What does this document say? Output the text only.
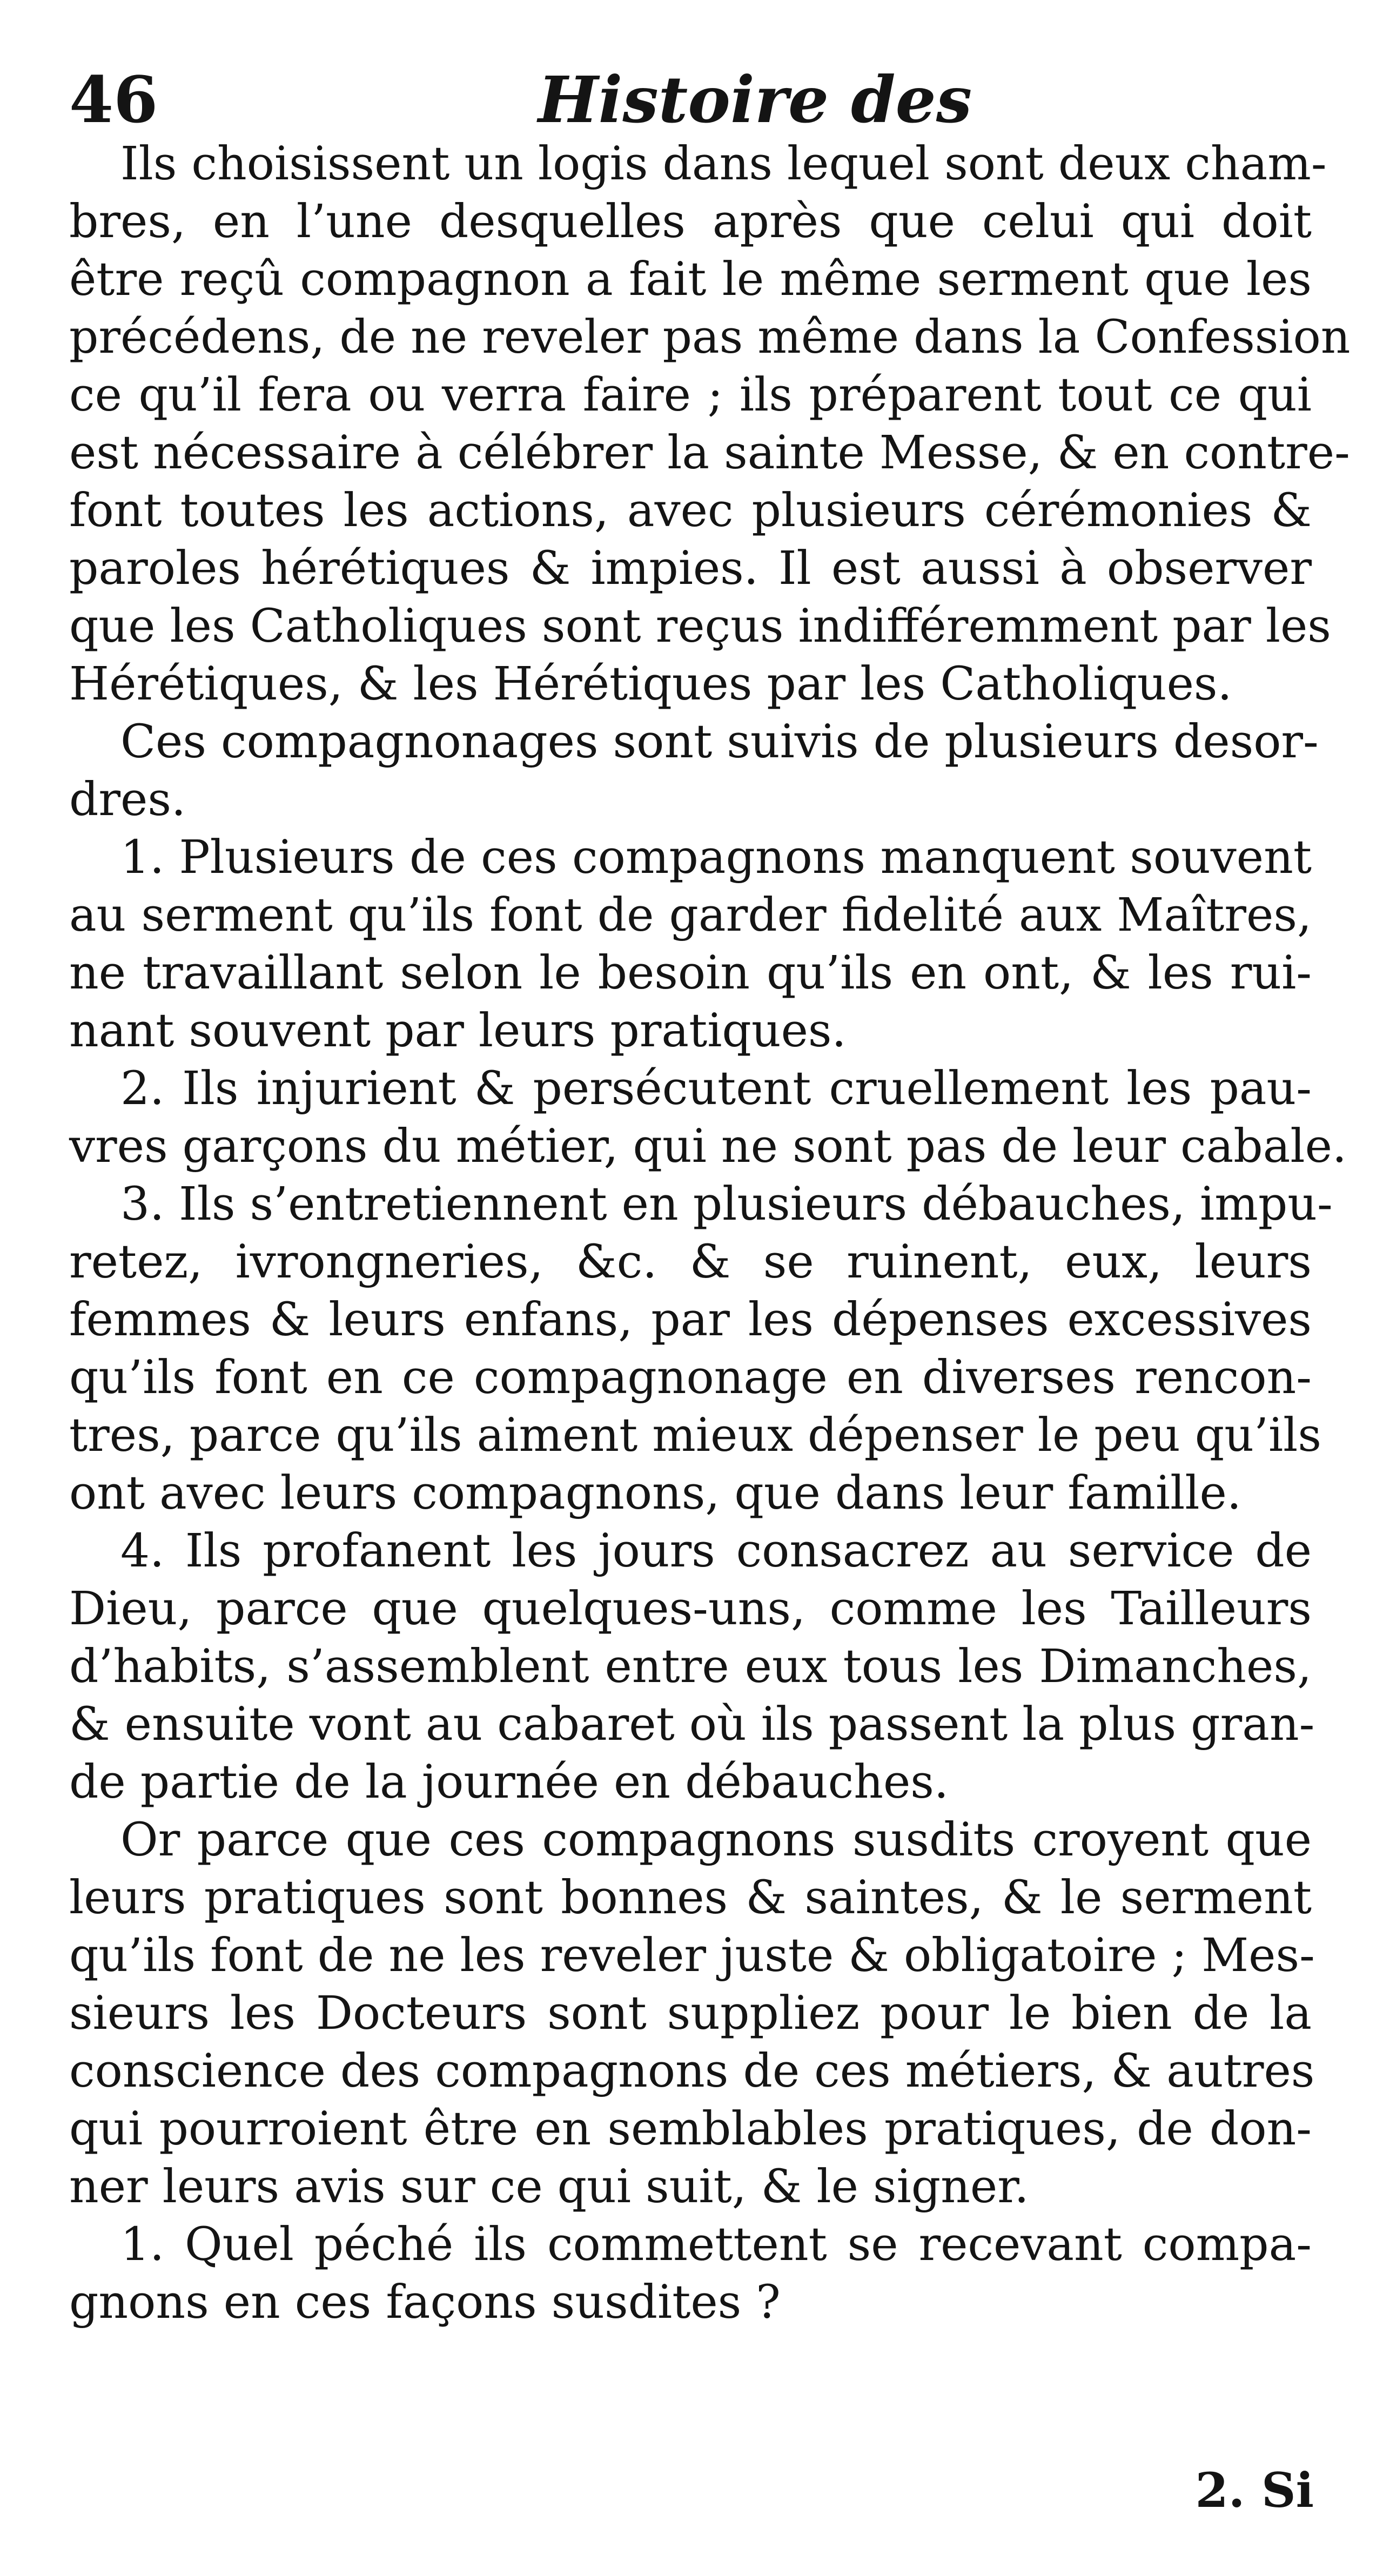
46	Histoire des
Ils choisissent un logis dans lequel sont deux cham-
bres, en l’une desquelles après que celui qui doit
être reçû compagnon a fait le même serment que les
précédens, de ne reveler pas même dans la Confession
ce qu’il fera ou verra faire ; ils préparent tout ce qui
est nécessaire à célébrer la sainte Messe, & en contre-
font toutes les actions, avec plusieurs cérémonies &
paroles hérétiques & impies. Il est aussi à observer
que les Catholiques sont reçus indifféremment par les
Hérétiques, & les Hérétiques par les Catholiques.
Ces compagnonages sont suivis de plusieurs desor-
dres.
1. Plusieurs de ces compagnons manquent souvent
au serment qu’ils font de garder fidelité aux Maîtres,
ne travaillant selon le besoin qu’ils en ont, & les rui-
nant souvent par leurs pratiques.
2. Ils injurient & persécutent cruellement les pau-
vres garçons du métier, qui ne sont pas de leur cabale.
3. Ils s’entretiennent en plusieurs débauches, impu-
retez, ivrongneries, &c. & se ruinent, eux, leurs
femmes & leurs enfans, par les dépenses excessives
qu’ils font en ce compagnonage en diverses rencon-
tres, parce qu’ils aiment mieux dépenser le peu qu’ils
ont avec leurs compagnons, que dans leur famille.
4. Ils profanent les jours consacrez au service de
Dieu, parce que quelques-uns, comme les Tailleurs
d’habits, s’assemblent entre eux tous les Dimanches,
& ensuite vont au cabaret où ils passent la plus gran-
de partie de la journée en débauches.
Or parce que ces compagnons susdits croyent que
leurs pratiques sont bonnes & saintes, & le serment
qu’ils font de ne les reveler juste & obligatoire ; Mes-
sieurs les Docteurs sont suppliez pour le bien de la
conscience des compagnons de ces métiers, & autres
qui pourroient être en semblables pratiques, de don-
ner leurs avis sur ce qui suit, & le signer.
1. Quel péché ils commettent se recevant compa-
gnons en ces façons susdites ?
2. Si
